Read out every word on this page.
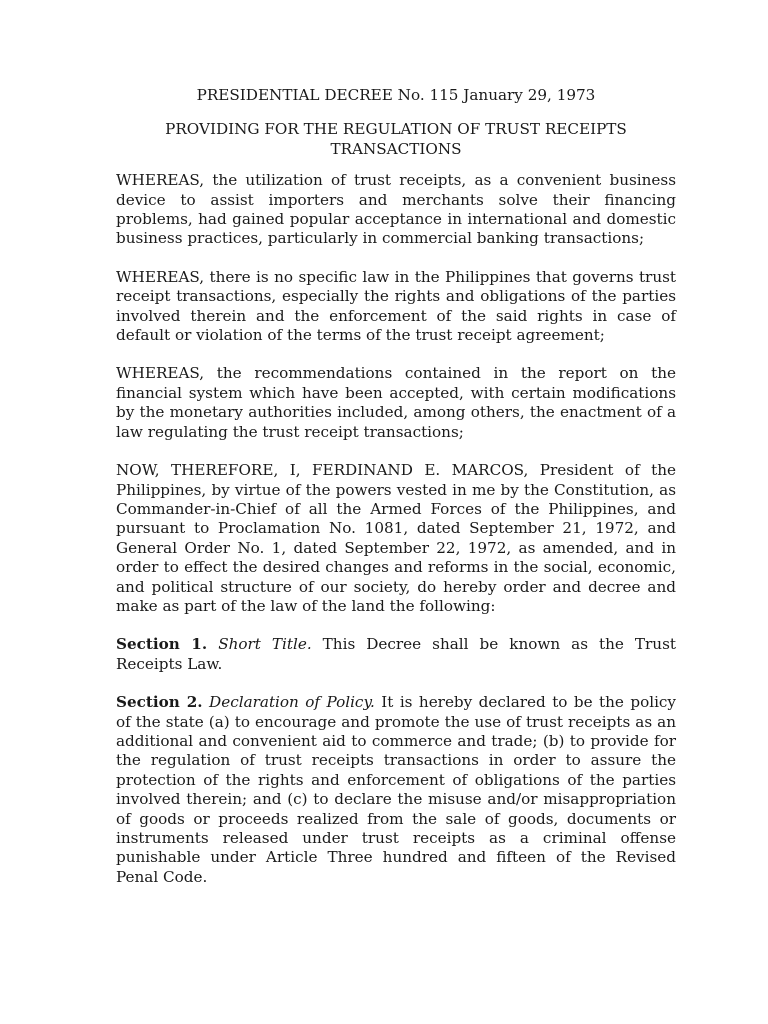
PRESIDENTIAL DECREE No. 115 January 29, 1973

PROVIDING FOR THE REGULATION OF TRUST RECEIPTS TRANSACTIONS

WHEREAS, the utilization of trust receipts, as a convenient business device to assist importers and merchants solve their financing problems, had gained popular acceptance in international and domestic business practices, particularly in commercial banking transactions;

WHEREAS, there is no specific law in the Philippines that governs trust receipt transactions, especially the rights and obligations of the parties involved therein and the enforcement of the said rights in case of default or violation of the terms of the trust receipt agreement;

WHEREAS, the recommendations contained in the report on the financial system which have been accepted, with certain modifications by the monetary authorities included, among others, the enactment of a law regulating the trust receipt transactions;

NOW, THEREFORE, I, FERDINAND E. MARCOS, President of the Philippines, by virtue of the powers vested in me by the Constitution, as Commander-in-Chief of all the Armed Forces of the Philippines, and pursuant to Proclamation No. 1081, dated September 21, 1972, and General Order No. 1, dated September 22, 1972, as amended, and in order to effect the desired changes and reforms in the social, economic, and political structure of our society, do hereby order and decree and make as part of the law of the land the following:

Section 1. Short Title. This Decree shall be known as the Trust Receipts Law.

Section 2. Declaration of Policy. It is hereby declared to be the policy of the state (a) to encourage and promote the use of trust receipts as an additional and convenient aid to commerce and trade; (b) to provide for the regulation of trust receipts transactions in order to assure the protection of the rights and enforcement of obligations of the parties involved therein; and (c) to declare the misuse and/or misappropriation of goods or proceeds realized from the sale of goods, documents or instruments released under trust receipts as a criminal offense punishable under Article Three hundred and fifteen of the Revised Penal Code.
